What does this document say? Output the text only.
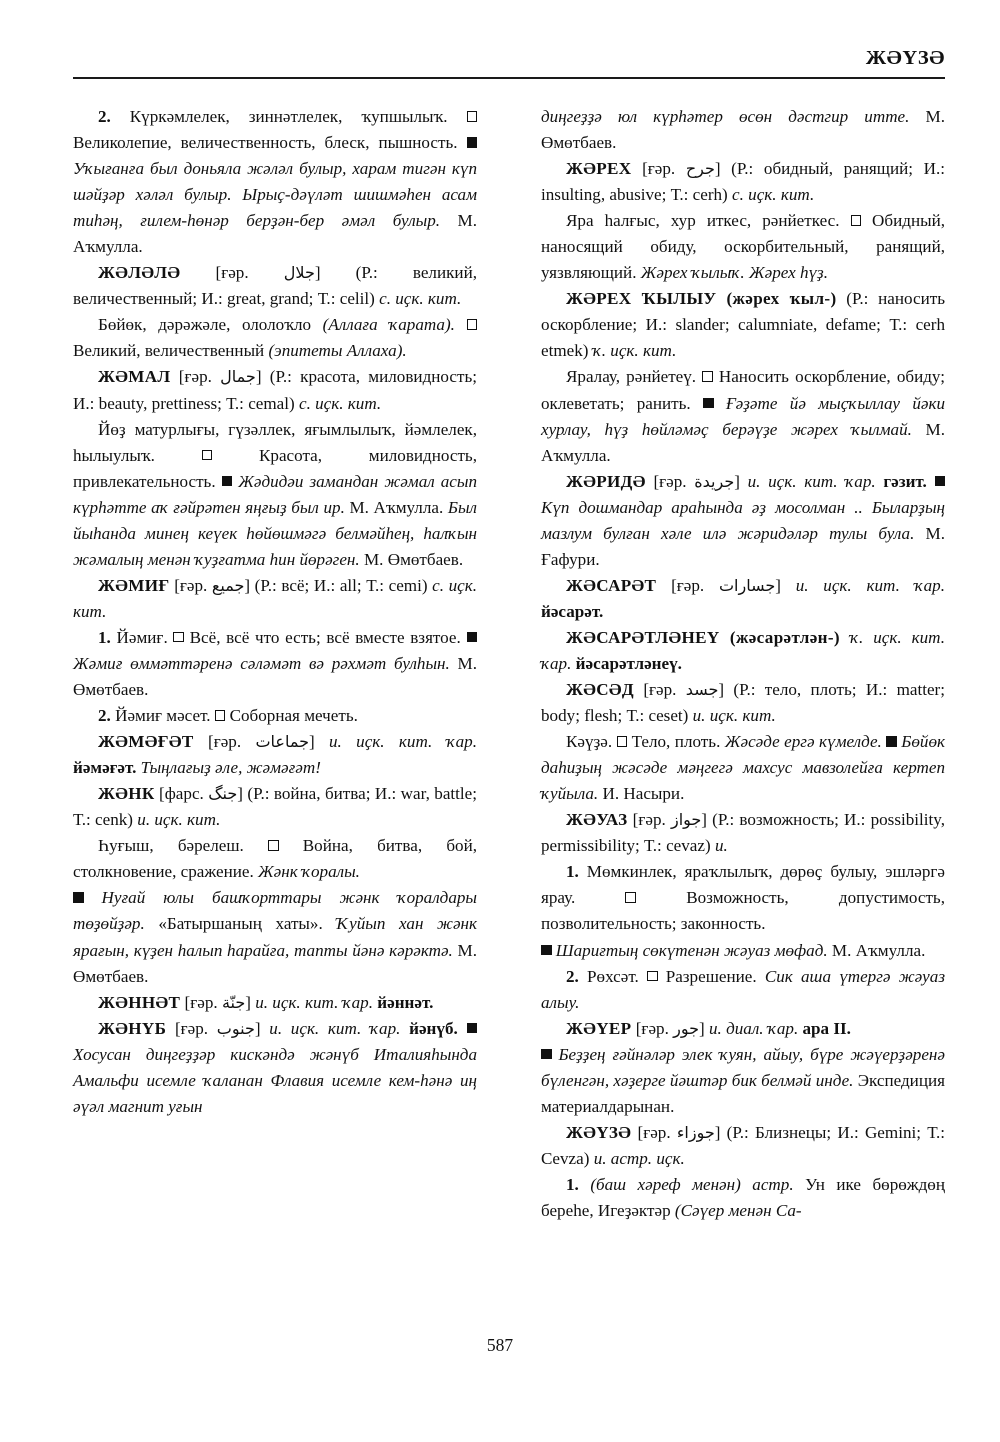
ЖӘҮЗӘ

2. Күркәмлелек, зиннәтлелек, ҡупшылыҡ.  Великолепие, величественность, блеск, пышность.  Уҡығанға был доньяла жәләл булыр, харам тигән күп шәйҙәр хәләл булыр. Ырыҫ-дәүләт шишмәһен асам тиһәң, ғилем-һөнәр берҙән-бер әмәл булыр. М. Аҡмулла.

ЖӘЛӘЛӘ [ғәр. جلال] (Р.: великий, величественный; И.: great, grand; Т.: celil) с. иҫк. кит.

Бөйөк, дәрәжәле, ололоҡло (Аллаға ҡарата).  Великий, величественный (эпитеты Аллаха).

ЖӘМАЛ [ғәр. جمال] (Р.: красота, миловидность; И.: beauty, prettiness; Т.: cemal) с. иҫк. кит.

Йөҙ матурлығы, гүзәллек, яғымлылыҡ, йәмлелек, һылыулыҡ.  Красота, миловидность, привлекательность.  Жәдидәи замандан жәмал асып күрһәтте аҡ ғәйрәтен яңғыҙ был ир. М. Аҡмулла. Был йыһанда минең кеүек һөйөшмәгә белмәйһең, һалҡын жәмалың менән ҡуҙғатма һин йөрәген. М. Өмөтбаев.

ЖӘМИҒ [ғәр. جميع] (Р.: всё; И.: all; Т.: cemi) с. иҫк. кит.

1. Йәмиғ.  Всё, всё что есть; всё вместе взятое.  Жәмиғ өммәттәренә сәләмәт вә рәхмәт булһын. М. Өмөтбаев.

2. Йәмиғ мәсет.  Соборная мечеть.

ЖӘМӘҒӘТ [ғәр. جماعات] и. иҫк. кит. ҡар. йәмәғәт. Тыңлағыҙ әле, жәмәғәт!

ЖӘНК [фарс. جنگ] (Р.: война, битва; И.: war, battle; Т.: cenk) и. иҫк. кит.

Һуғыш, бәрелеш.  Война, битва, бой, столкновение, сражение. Жәнк ҡоралы.

Нуғай юлы башҡорттары жәнк ҡоралдары төҙөйҙәр. «Батыршаның хаты». Ҡуйып хан жәнк ярағын, күҙен һалып һарайға, тапты йәнә кәрәктә. М. Өмөтбаев.

ЖӘННӘТ [ғәр. جنّة] и. иҫк. кит. ҡар. йәннәт.

ЖӘНҮБ [ғәр. جنوب] и. иҫк. кит. ҡар. йәнүб.  Хосусан диңгеҙҙәр кискәндә жәнүб Италияһында Амальфи исемле ҡаланан Флавия исемле кем-һәнә иң әүәл магнит уғын

диңгеҙҙә юл күрһәтер өсөн дәстгир итте. М. Өмөтбаев.

ЖӘРЕХ [ғәр. جرح] (Р.: обидный, ранящий; И.: insulting, abusive; Т.: cerh) с. иҫк. кит.

Яра һалғыс, хур иткес, рәнйеткес.  Обидный, наносящий обиду, оскорбительный, ранящий, уязвляющий. Жәрех ҡылыҡ. Жәрех һүҙ.

ЖӘРЕХ ҠЫЛЫУ (жәрех ҡыл-) (Р.: наносить оскорбление; И.: slander; calumniate, defame; Т.: cerh etmek) ҡ. иҫк. кит.

Яралау, рәнйетеү.  Наносить оскорбление, обиду; оклеветать; ранить.  Ғәҙәте йә мыҫҡыллау йәки хурлау, һүҙ һөйләмәҫ берәүҙе жәрех ҡылмай. М. Аҡмулла.

ЖӘРИДӘ [ғәр. جريدة] и. иҫк. кит. ҡар. гәзит.  Күп дошмандар араһында әҙ мосолман .. Быларҙың мазлум булған хәле илә жәридәләр тулы була. М. Ғафури.

ЖӘСАРӘТ [ғәр. جسارات] и. иҫк. кит. ҡар. йәсарәт.

ЖӘСАРӘТЛӘНЕҮ (жәсарәтлән-) ҡ. иҫк. кит. ҡар. йәсарәтләнеү.

ЖӘСӘД [ғәр. جسد] (Р.: тело, плоть; И.: matter; body; flesh; Т.: ceset) и. иҫк. кит.

Кәүҙә.  Тело, плоть. Жәсәде ергә күмелде.  Бөйөк даһиҙың жәсәде мәңгегә махсус мавзолейға кертеп ҡуйыла. И. Насыри.

ЖӘУАЗ [ғәр. جواز] (Р.: возможность; И.: possibility, permissibility; Т.: cevaz) и.

1. Мөмкинлек, яраҡлылыҡ, дөрөҫ булыу, эшләргә ярау.  Возможность, допустимость, позволительность; законность.

Шариғтың сөкүтенән жәуаз мөфад. М. Аҡмулла.

2. Рөхсәт.  Разрешение. Сик аша үтергә жәуаз алыу.

ЖӘҮЕР [ғәр. جور] и. диал. ҡар. ара II.

Беҙҙең ғәйнәләр элек ҡуян, айыу, бүре жәүерҙәренә бүленгән, хәҙерге йәштәр бик белмәй инде. Экспедиция материалдарынан.

ЖӘҮЗӘ [ғәр. جوزاء] (Р.: Близнецы; И.: Gemini; Т.: Cevza) и. астр. иҫк.

1. (баш хәреф менән) астр. Ун ике бөрөждөң береһе, Игеҙәктәр (Сәүер менән Са-

587
